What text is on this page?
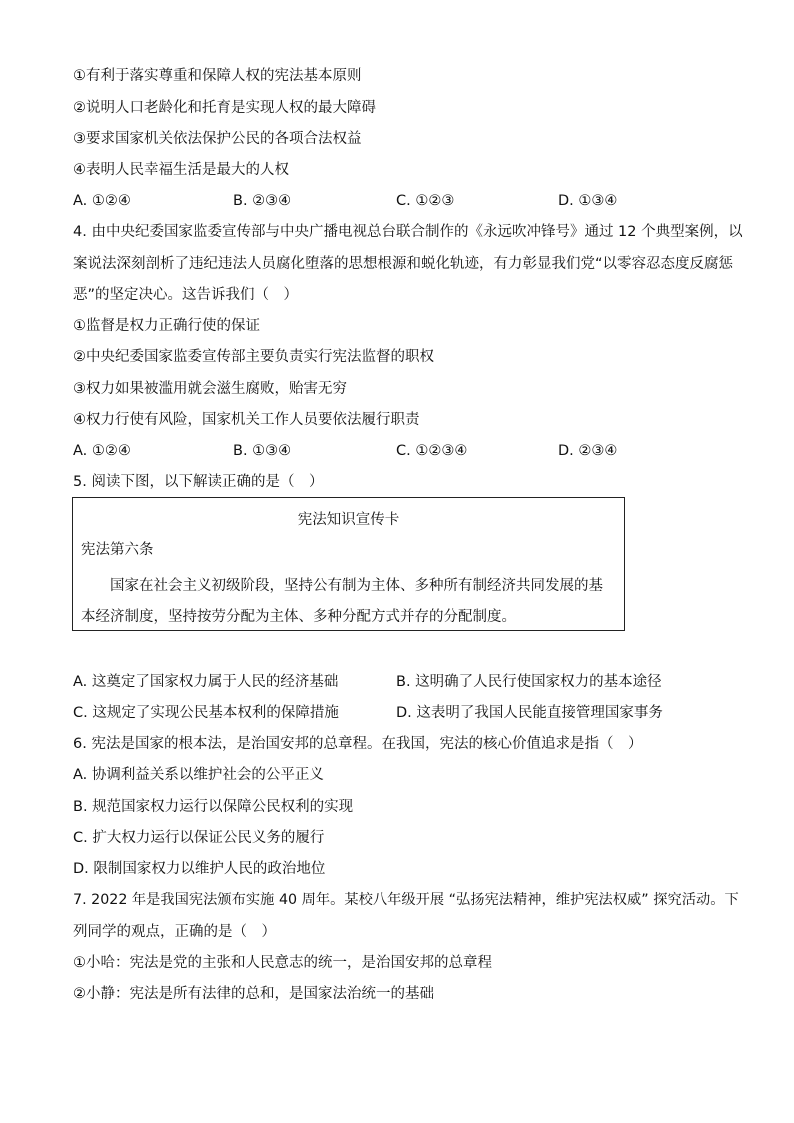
①有利于落实尊重和保障人权的宪法基本原则
②说明人口老龄化和托育是实现人权的最大障碍
③要求国家机关依法保护公民的各项合法权益
④表明人民幸福生活是最大的人权
A. ①②④	B. ②③④	C. ①②③	D. ①③④
4. 由中央纪委国家监委宣传部与中央广播电视总台联合制作的《永远吹冲锋号》通过 12 个典型案例，以
案说法深刻剖析了违纪违法人员腐化堕落的思想根源和蜕化轨迹，有力彰显我们党“以零容忍态度反腐惩
恶”的坚定决心。这告诉我们（　）
①监督是权力正确行使的保证
②中央纪委国家监委宣传部主要负责实行宪法监督的职权
③权力如果被滥用就会滋生腐败，贻害无穷
④权力行使有风险，国家机关工作人员要依法履行职责
A. ①②④	B. ①③④	C. ①②③④	D. ②③④
5. 阅读下图，以下解读正确的是（　）
宪法知识宣传卡
宪法第六条
国家在社会主义初级阶段，坚持公有制为主体、多种所有制经济共同发展的基本经济制度，坚持按劳分配为主体、多种分配方式并存的分配制度。
A. 这奠定了国家权力属于人民的经济基础	B. 这明确了人民行使国家权力的基本途径
C. 这规定了实现公民基本权利的保障措施	D. 这表明了我国人民能直接管理国家事务
6. 宪法是国家的根本法，是治国安邦的总章程。在我国，宪法的核心价值追求是指（　）
A. 协调利益关系以维护社会的公平正义
B. 规范国家权力运行以保障公民权利的实现
C. 扩大权力运行以保证公民义务的履行
D. 限制国家权力以维护人民的政治地位
7. 2022 年是我国宪法颁布实施 40 周年。某校八年级开展 “弘扬宪法精神，维护宪法权威” 探究活动。下
列同学的观点，正确的是（　）
①小哈：宪法是党的主张和人民意志的统一，是治国安邦的总章程
②小静：宪法是所有法律的总和，是国家法治统一的基础
